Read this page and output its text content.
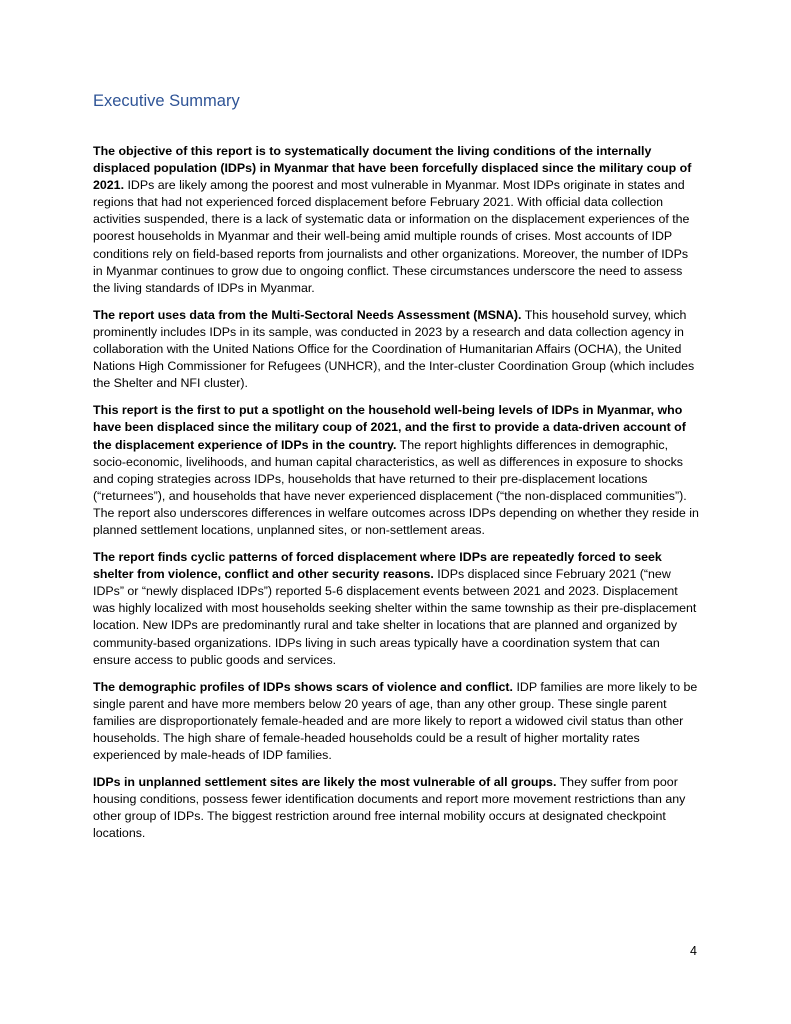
Executive Summary

The objective of this report is to systematically document the living conditions of the internally displaced population (IDPs) in Myanmar that have been forcefully displaced since the military coup of 2021. IDPs are likely among the poorest and most vulnerable in Myanmar. Most IDPs originate in states and regions that had not experienced forced displacement before February 2021. With official data collection activities suspended, there is a lack of systematic data or information on the displacement experiences of the poorest households in Myanmar and their well-being amid multiple rounds of crises. Most accounts of IDP conditions rely on field-based reports from journalists and other organizations. Moreover, the number of IDPs in Myanmar continues to grow due to ongoing conflict. These circumstances underscore the need to assess the living standards of IDPs in Myanmar.

The report uses data from the Multi-Sectoral Needs Assessment (MSNA). This household survey, which prominently includes IDPs in its sample, was conducted in 2023 by a research and data collection agency in collaboration with the United Nations Office for the Coordination of Humanitarian Affairs (OCHA), the United Nations High Commissioner for Refugees (UNHCR), and the Inter-cluster Coordination Group (which includes the Shelter and NFI cluster).

This report is the first to put a spotlight on the household well-being levels of IDPs in Myanmar, who have been displaced since the military coup of 2021, and the first to provide a data-driven account of the displacement experience of IDPs in the country. The report highlights differences in demographic, socio-economic, livelihoods, and human capital characteristics, as well as differences in exposure to shocks and coping strategies across IDPs, households that have returned to their pre-displacement locations (“returnees”), and households that have never experienced displacement (“the non-displaced communities”). The report also underscores differences in welfare outcomes across IDPs depending on whether they reside in planned settlement locations, unplanned sites, or non-settlement areas.

The report finds cyclic patterns of forced displacement where IDPs are repeatedly forced to seek shelter from violence, conflict and other security reasons. IDPs displaced since February 2021 (“new IDPs” or “newly displaced IDPs”) reported 5-6 displacement events between 2021 and 2023. Displacement was highly localized with most households seeking shelter within the same township as their pre-displacement location. New IDPs are predominantly rural and take shelter in locations that are planned and organized by community-based organizations. IDPs living in such areas typically have a coordination system that can ensure access to public goods and services.

The demographic profiles of IDPs shows scars of violence and conflict. IDP families are more likely to be single parent and have more members below 20 years of age, than any other group. These single parent families are disproportionately female-headed and are more likely to report a widowed civil status than other households. The high share of female-headed households could be a result of higher mortality rates experienced by male-heads of IDP families.

IDPs in unplanned settlement sites are likely the most vulnerable of all groups. They suffer from poor housing conditions, possess fewer identification documents and report more movement restrictions than any other group of IDPs. The biggest restriction around free internal mobility occurs at designated checkpoint locations.

4
